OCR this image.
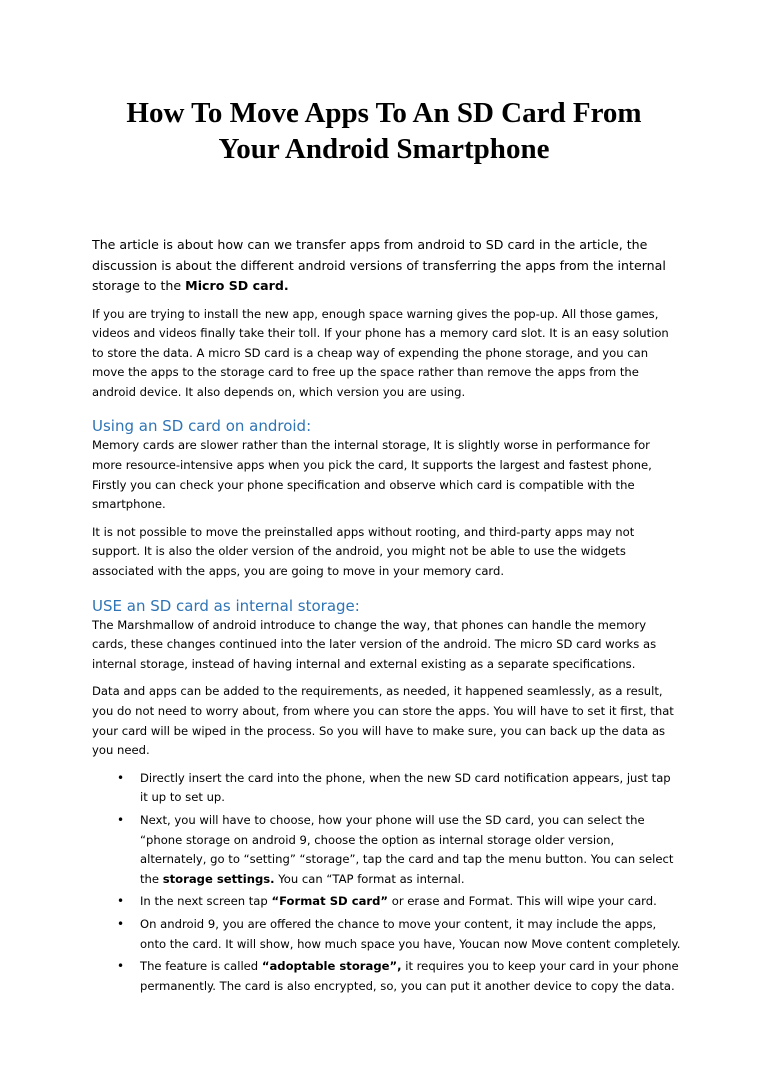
How To Move Apps To An SD Card From
Your Android Smartphone

The article is about how can we transfer apps from android to SD card in the article, the discussion is about the different android versions of transferring the apps from the internal storage to the Micro SD card.

If you are trying to install the new app, enough space warning gives the pop-up. All those games, videos and videos finally take their toll. If your phone has a memory card slot. It is an easy solution to store the data. A micro SD card is a cheap way of expending the phone storage, and you can move the apps to the storage card to free up the space rather than remove the apps from the android device. It also depends on, which version you are using.

Using an SD card on android:

Memory cards are slower rather than the internal storage, It is slightly worse in performance for more resource-intensive apps when you pick the card, It supports the largest and fastest phone, Firstly you can check your phone specification and observe which card is compatible with the smartphone.

It is not possible to move the preinstalled apps without rooting, and third-party apps may not support. It is also the older version of the android, you might not be able to use the widgets associated with the apps, you are going to move in your memory card.

USE an SD card as internal storage:

The Marshmallow of android introduce to change the way, that phones can handle the memory cards, these changes continued into the later version of the android. The micro SD card works as internal storage, instead of having internal and external existing as a separate specifications.

Data and apps can be added to the requirements, as needed, it happened seamlessly, as a result, you do not need to worry about, from where you can store the apps. You will have to set it first, that your card will be wiped in the process. So you will have to make sure, you can back up the data as you need.

• Directly insert the card into the phone, when the new SD card notification appears, just tap it up to set up.
• Next, you will have to choose, how your phone will use the SD card, you can select the “phone storage on android 9, choose the option as internal storage older version, alternately, go to “setting” “storage”, tap the card and tap the menu button. You can select the storage settings. You can “TAP format as internal.
• In the next screen tap “Format SD card” or erase and Format. This will wipe your card.
• On android 9, you are offered the chance to move your content, it may include the apps, onto the card. It will show, how much space you have, Youcan now Move content completely.
• The feature is called “adoptable storage”, it requires you to keep your card in your phone permanently. The card is also encrypted, so, you can put it another device to copy the data.
